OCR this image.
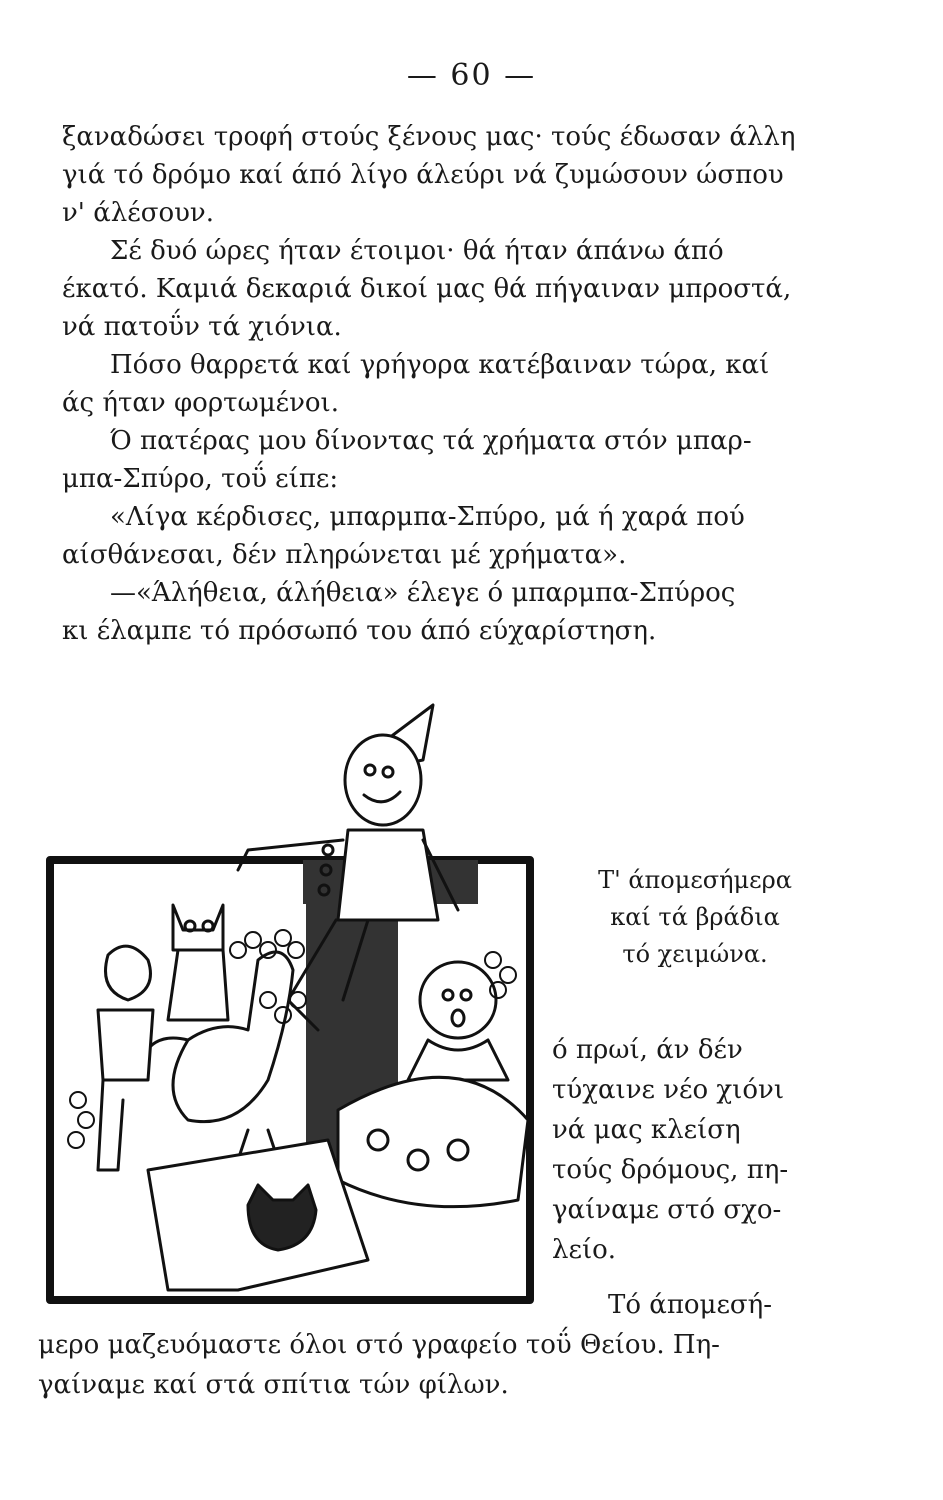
— 60 —

ξαναδώσει τροφή στούς ξένους μας· τούς έδωσαν άλλη
γιά τό δρόμο καί άπό λίγο άλεύρι νά ζυμώσουν ώσπου
ν' άλέσουν.

Σέ δυό ώρες ήταν έτοιμοι· θά ήταν άπάνω άπό
έκατό. Καμιά δεκαριά δικοί μας θά πήγαιναν μπροστά,
νά πατοΰν τά χιόνια.

Πόσο θαρρετά καί γρήγορα κατέβαιναν τώρα, καί
άς ήταν φορτωμένοι.

Ό πατέρας μου δίνοντας τά χρήματα στόν μπαρ-
μπα-Σπύρο, τοΰ είπε:

«Λίγα κέρδισες, μπαρμπα-Σπύρο, μά ή χαρά πού
αίσθάνεσαι, δέν πληρώνεται μέ χρήματα».

—«Άλήθεια, άλήθεια» έλεγε ό μπαρμπα-Σπύρος
κι έλαμπε τό πρόσωπό του άπό εύχαρίστηση.

Τ' άπομεσήμερα
καί τά βράδια
τό χειμώνα.
ό πρωί, άν δέν
τύχαινε νέο χιόνι
νά μας κλείση
τούς δρόμους, πη-
γαίναμε στό σχο-
λείο.
Τό άπομεσή-
μερο μαζευόμαστε όλοι στό γραφείο τοΰ Θείου. Πη-
γαίναμε καί στά σπίτια τών φίλων.
